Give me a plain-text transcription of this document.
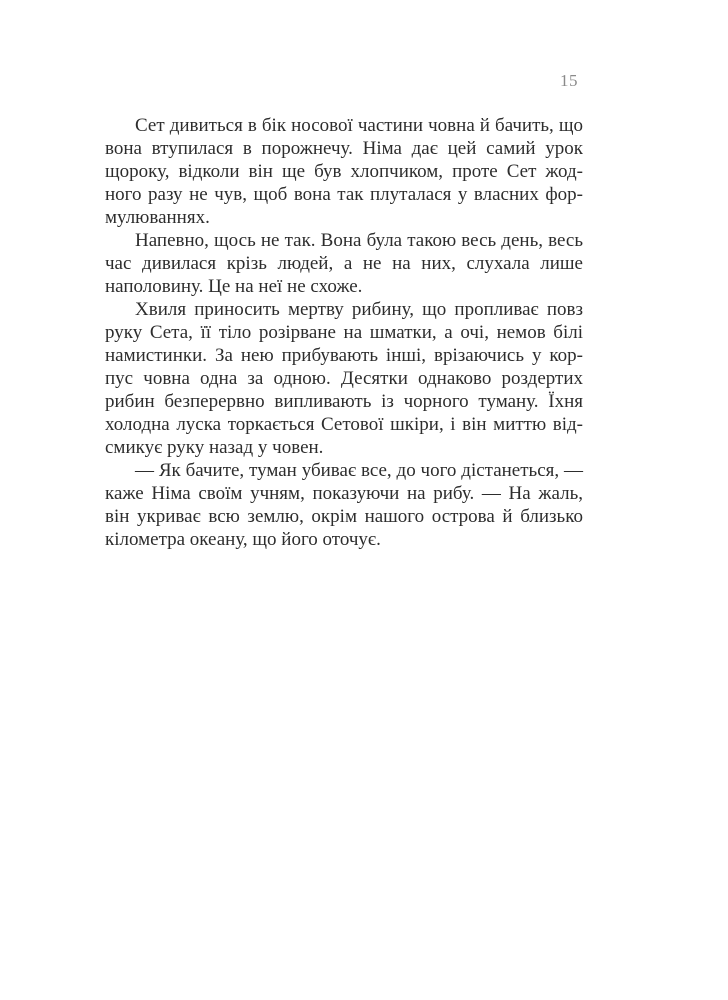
15
Сет дивиться в бік носової частини човна й бачить, що
вона втупилася в порожнечу. Німа дає цей самий урок
щороку, відколи він ще був хлопчиком, проте Сет жод-
ного разу не чув, щоб вона так плуталася у власних фор-
мулюваннях.
Напевно, щось не так. Вона була такою весь день, весь
час дивилася крізь людей, а не на них, слухала лише
наполовину. Це на неї не схоже.
Хвиля приносить мертву рибину, що пропливає повз
руку Сета, її тіло розірване на шматки, а очі, немов білі
намистинки. За нею прибувають інші, врізаючись у кор-
пус човна одна за одною. Десятки однаково роздертих
рибин безперервно випливають із чорного туману. Їхня
холодна луска торкається Сетової шкіри, і він миттю від-
смикує руку назад у човен.
— Як бачите, туман убиває все, до чого дістанеться, —
каже Німа своїм учням, показуючи на рибу. — На жаль,
він укриває всю землю, окрім нашого острова й близько
кілометра океану, що його оточує.
